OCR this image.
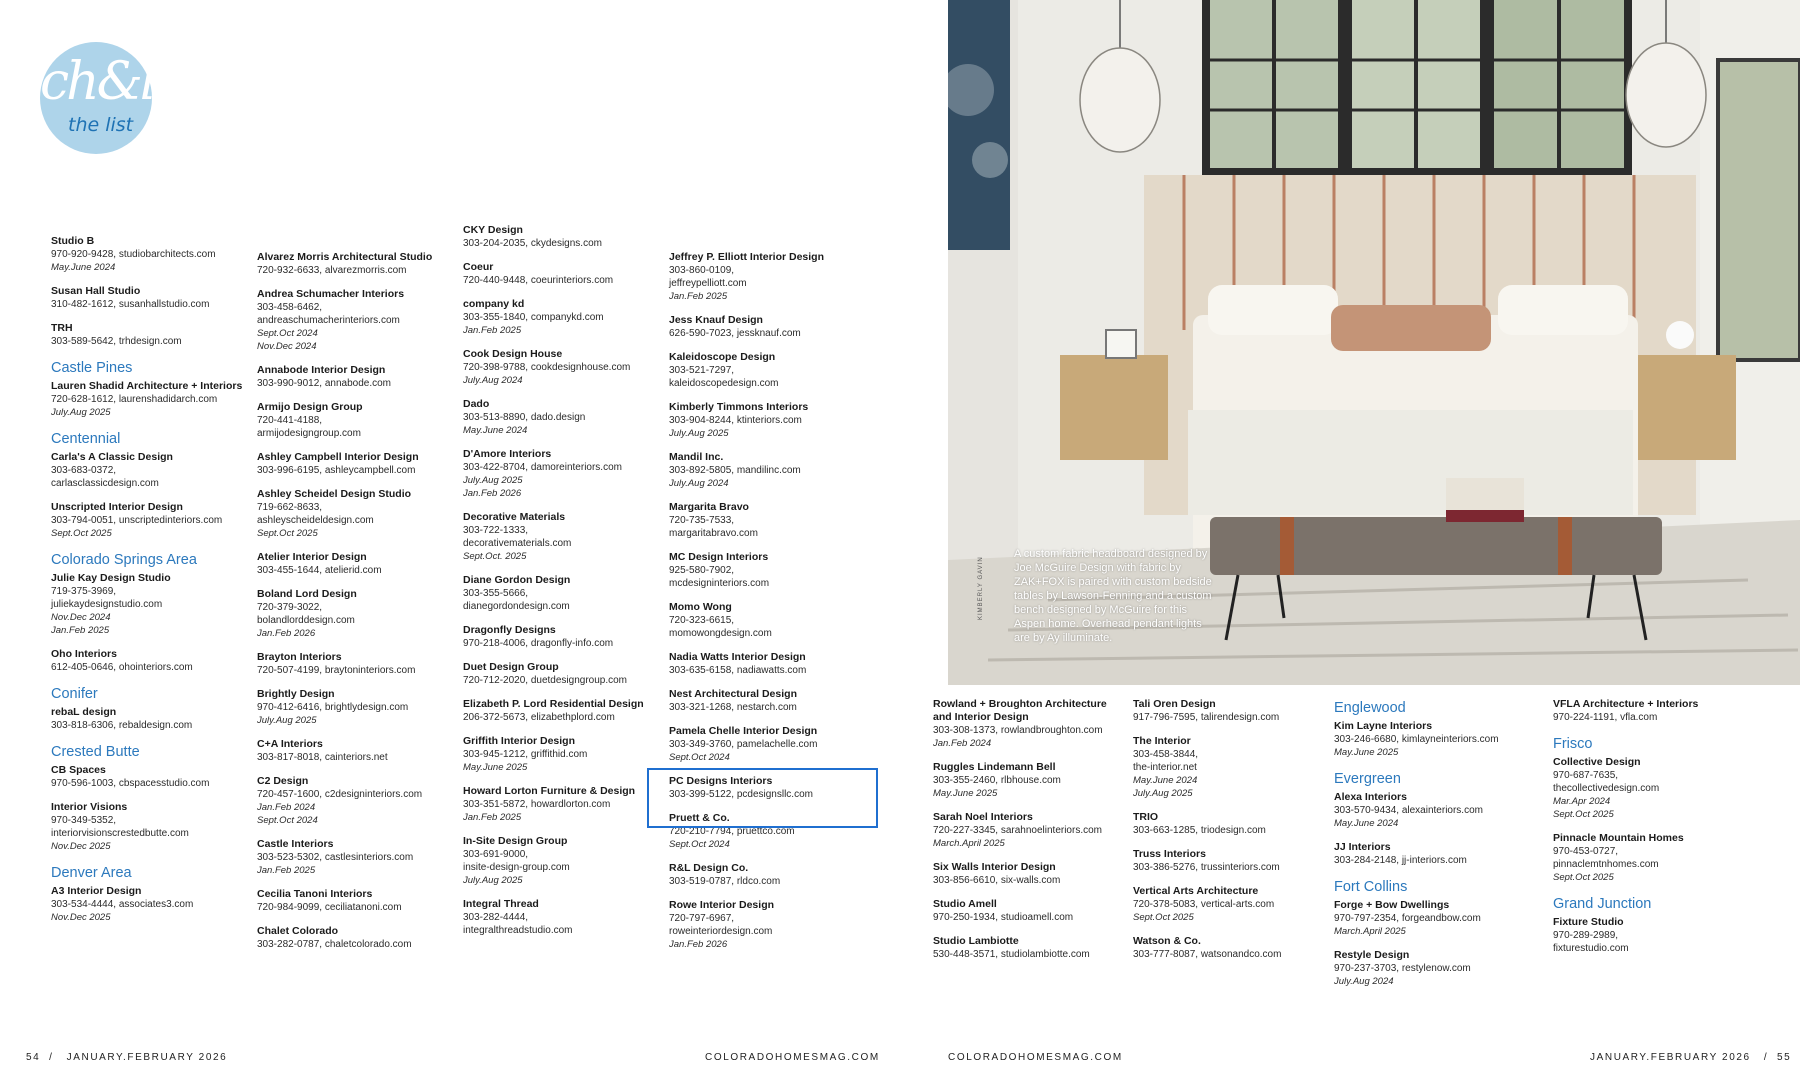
ch&l
the list
Studio B
970-920-9428, studiobarchitects.com
May.June 2024
Susan Hall Studio
310-482-1612, susanhallstudio.com
TRH
303-589-5642, trhdesign.com
Castle Pines
Lauren Shadid Architecture + Interiors
720-628-1612, laurenshadidarch.com
July.Aug 2025
Centennial
Carla's A Classic Design
303-683-0372,
carlasclassicdesign.com
Unscripted Interior Design
303-794-0051, unscriptedinteriors.com
Sept.Oct 2025
Colorado Springs Area
Julie Kay Design Studio
719-375-3969,
juliekaydesignstudio.com
Nov.Dec 2024
Jan.Feb 2025
Oho Interiors
612-405-0646, ohointeriors.com
Conifer
rebaL design
303-818-6306, rebaldesign.com
Crested Butte
CB Spaces
970-596-1003, cbspacesstudio.com
Interior Visions
970-349-5352,
interiorvisionscrestedbutte.com
Nov.Dec 2025
Denver Area
A3 Interior Design
303-534-4444, associates3.com
Nov.Dec 2025
Alvarez Morris Architectural Studio
720-932-6633, alvarezmorris.com
Andrea Schumacher Interiors
303-458-6462,
andreaschumacherinteriors.com
Sept.Oct 2024
Nov.Dec 2024
Annabode Interior Design
303-990-9012, annabode.com
Armijo Design Group
720-441-4188,
armijodesigngroup.com
Ashley Campbell Interior Design
303-996-6195, ashleycampbell.com
Ashley Scheidel Design Studio
719-662-8633,
ashleyscheideldesign.com
Sept.Oct 2025
Atelier Interior Design
303-455-1644, atelierid.com
Boland Lord Design
720-379-3022,
bolandlorddesign.com
Jan.Feb 2026
Brayton Interiors
720-507-4199, braytoninteriors.com
Brightly Design
970-412-6416, brightlydesign.com
July.Aug 2025
C+A Interiors
303-817-8018, cainteriors.net
C2 Design
720-457-1600, c2designinteriors.com
Jan.Feb 2024
Sept.Oct 2024
Castle Interiors
303-523-5302, castlesinteriors.com
Jan.Feb 2025
Cecilia Tanoni Interiors
720-984-9099, ceciliatanoni.com
Chalet Colorado
303-282-0787, chaletcolorado.com
CKY Design
303-204-2035, ckydesigns.com
Coeur
720-440-9448, coeurinteriors.com
company kd
303-355-1840, companykd.com
Jan.Feb 2025
Cook Design House
720-398-9788, cookdesignhouse.com
July.Aug 2024
Dado
303-513-8890, dado.design
May.June 2024
D'Amore Interiors
303-422-8704, damoreinteriors.com
July.Aug 2025
Jan.Feb 2026
Decorative Materials
303-722-1333,
decorativematerials.com
Sept.Oct. 2025
Diane Gordon Design
303-355-5666,
dianegordondesign.com
Dragonfly Designs
970-218-4006, dragonfly-info.com
Duet Design Group
720-712-2020, duetdesigngroup.com
Elizabeth P. Lord Residential Design
206-372-5673, elizabethplord.com
Griffith Interior Design
303-945-1212, griffithid.com
May.June 2025
Howard Lorton Furniture & Design
303-351-5872, howardlorton.com
Jan.Feb 2025
In-Site Design Group
303-691-9000,
insite-design-group.com
July.Aug 2025
Integral Thread
303-282-4444,
integralthreadstudio.com
Jeffrey P. Elliott Interior Design
303-860-0109,
jeffreypelliott.com
Jan.Feb 2025
Jess Knauf Design
626-590-7023, jessknauf.com
Kaleidoscope Design
303-521-7297,
kaleidoscopedesign.com
Kimberly Timmons Interiors
303-904-8244, ktinteriors.com
July.Aug 2025
Mandil Inc.
303-892-5805, mandilinc.com
July.Aug 2024
Margarita Bravo
720-735-7533,
margaritabravo.com
MC Design Interiors
925-580-7902,
mcdesigninteriors.com
Momo Wong
720-323-6615,
momowongdesign.com
Nadia Watts Interior Design
303-635-6158, nadiawatts.com
Nest Architectural Design
303-321-1268, nestarch.com
Pamela Chelle Interior Design
303-349-3760, pamelachelle.com
Sept.Oct 2024
PC Designs Interiors
303-399-5122, pcdesignsllc.com
Pruett & Co.
720-210-7794, pruettco.com
Sept.Oct 2024
R&L Design Co.
303-519-0787, rldco.com
Rowe Interior Design
720-797-6967,
roweinteriordesign.com
Jan.Feb 2026
54  /   JANUARY.FEBRUARY 2026	COLORADOHOMESMAG.COM
A custom fabric headboard designed by Joe McGuire Design with fabric by ZAK+FOX is paired with custom bedside tables by Lawson-Fenning and a custom bench designed by McGuire for this Aspen home. Overhead pendant lights are by Ay illuminate.
KIMBERLY GAVIN
Rowland + Broughton Architecture
and Interior Design
303-308-1373, rowlandbroughton.com
Jan.Feb 2024
Ruggles Lindemann Bell
303-355-2460, rlbhouse.com
May.June 2025
Sarah Noel Interiors
720-227-3345, sarahnoelinteriors.com
March.April 2025
Six Walls Interior Design
303-856-6610, six-walls.com
Studio Amell
970-250-1934, studioamell.com
Studio Lambiotte
530-448-3571, studiolambiotte.com
Tali Oren Design
917-796-7595, talirendesign.com
The Interior
303-458-3844,
the-interior.net
May.June 2024
July.Aug 2025
TRIO
303-663-1285, triodesign.com
Truss Interiors
303-386-5276, trussinteriors.com
Vertical Arts Architecture
720-378-5083, vertical-arts.com
Sept.Oct 2025
Watson & Co.
303-777-8087, watsonandco.com
Englewood
Kim Layne Interiors
303-246-6680, kimlayneinteriors.com
May.June 2025
Evergreen
Alexa Interiors
303-570-9434, alexainteriors.com
May.June 2024
JJ Interiors
303-284-2148, jj-interiors.com
Fort Collins
Forge + Bow Dwellings
970-797-2354, forgeandbow.com
March.April 2025
Restyle Design
970-237-3703, restylenow.com
July.Aug 2024
VFLA Architecture + Interiors
970-224-1191, vfla.com
Frisco
Collective Design
970-687-7635,
thecollectivedesign.com
Mar.Apr 2024
Sept.Oct 2025
Pinnacle Mountain Homes
970-453-0727,
pinnaclemtnhomes.com
Sept.Oct 2025
Grand Junction
Fixture Studio
970-289-2989,
fixturestudio.com
COLORADOHOMESMAG.COM	JANUARY.FEBRUARY 2026   /  55
